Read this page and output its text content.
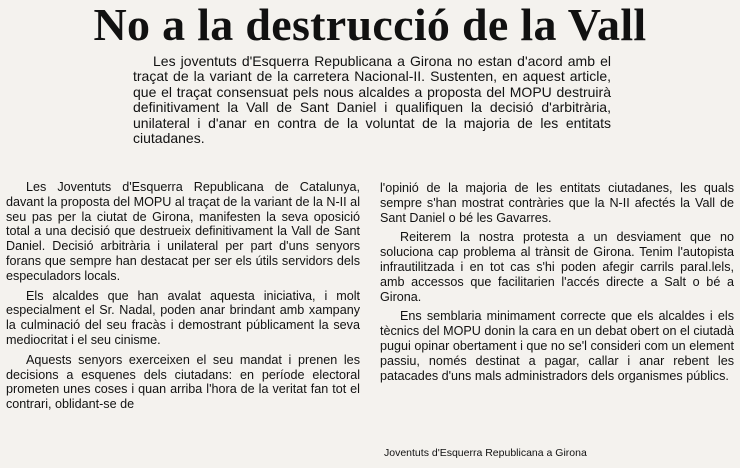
No a la destrucció de la Vall

Les joventuts d'Esquerra Republicana a Girona no estan d'acord amb el traçat de la variant de la carretera Nacional-II. Sustenten, en aquest article, que el traçat consensuat pels nous alcaldes a proposta del MOPU destruirà definitivament la Vall de Sant Daniel i qualifiquen la decisió d'arbitrària, unilateral i d'anar en contra de la voluntat de la majoria de les entitats ciutadanes.

Les Joventuts d'Esquerra Republicana de Catalunya, davant la proposta del MOPU al traçat de la variant de la N-II al seu pas per la ciutat de Girona, manifesten la seva oposició total a una decisió que destrueix definitivament la Vall de Sant Daniel. Decisió arbitrària i unilateral per part d'uns senyors forans que sempre han destacat per ser els útils servidors dels especuladors locals.

Els alcaldes que han avalat aquesta iniciativa, i molt especialment el Sr. Nadal, poden anar brindant amb xampany la culminació del seu fracàs i demostrant públicament la seva mediocritat i el seu cinisme.

Aquests senyors exerceixen el seu mandat i prenen les decisions a esquenes dels ciutadans: en període electoral prometen unes coses i quan arriba l'hora de la veritat fan tot el contrari, oblidant-se de

l'opinió de la majoria de les entitats ciutadanes, les quals sempre s'han mostrat contràries que la N-II afectés la Vall de Sant Daniel o bé les Gavarres.

Reiterem la nostra protesta a un desviament que no soluciona cap problema al trànsit de Girona. Tenim l'autopista infrautilitzada i en tot cas s'hi poden afegir carrils paral.lels, amb accessos que facilitarien l'accés directe a Salt o bé a Girona.

Ens semblaria minimament correcte que els alcaldes i els tècnics del MOPU donin la cara en un debat obert on el ciutadà pugui opinar obertament i que no se'l consideri com un element passiu, només destinat a pagar, callar i anar rebent les patacades d'uns mals administradors dels organismes públics.

Joventuts d'Esquerra Republicana a Girona
